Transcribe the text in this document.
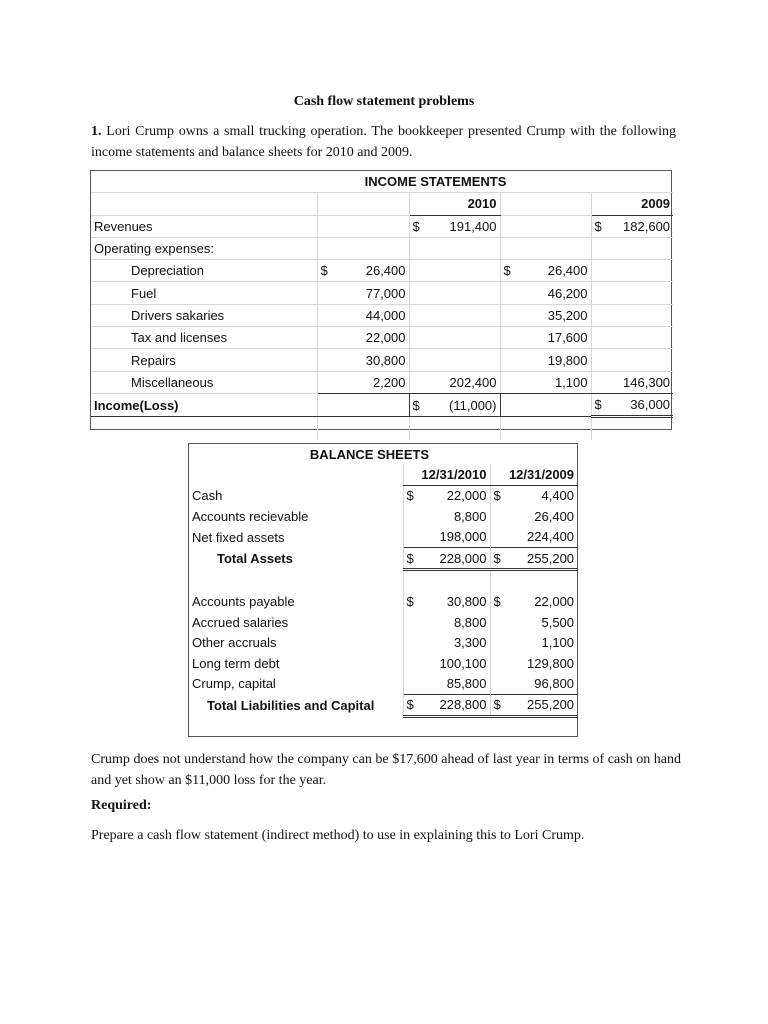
Cash flow statement problems
1. Lori Crump owns a small trucking operation. The bookkeeper presented Crump with the following income statements and balance sheets for 2010 and 2009.
INCOME STATEMENTS				
		2010		2009
Revenues		$ 191,400		$ 182,600
Operating expenses:				
Depreciation	$ 26,400		$ 26,400	
Fuel	77,000		46,200	
Drivers sakaries	44,000		35,200	
Tax and licenses	22,000		17,600	
Repairs	30,800		19,800	
Miscellaneous	2,200	202,400	1,100	146,300
Income(Loss)		$ (11,000)		$ 36,000

BALANCE SHEETS		
	12/31/2010	12/31/2009
Cash	$ 22,000	$ 4,400
Accounts recievable	8,800	26,400
Net fixed assets	198,000	224,400
Total Assets	$ 228,000	$ 255,200

Accounts payable	$ 30,800	$ 22,000
Accrued salaries	8,800	5,500
Other accruals	3,300	1,100
Long term debt	100,100	129,800
Crump, capital	85,800	96,800
Total Liabilities and Capital	$ 228,800	$ 255,200
Crump does not understand how the company can be $17,600 ahead of last year in terms of cash on hand and yet show an $11,000 loss for the year.
Required:
Prepare a cash flow statement (indirect method) to use in explaining this to Lori Crump.
